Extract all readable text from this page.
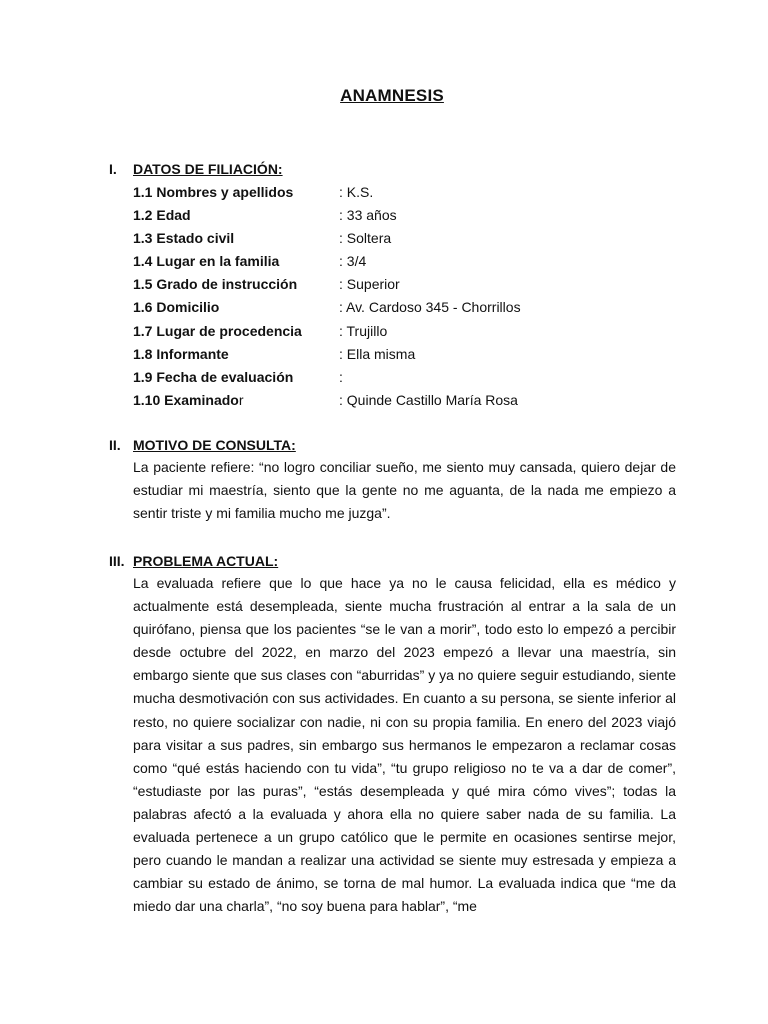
ANAMNESIS
I. DATOS DE FILIACIÓN:
1.1 Nombres y apellidos	: K.S.
1.2 Edad	: 33 años
1.3 Estado civil	: Soltera
1.4 Lugar en la familia	: 3/4
1.5 Grado de instrucción	: Superior
1.6 Domicilio	: Av. Cardoso 345 - Chorrillos
1.7 Lugar de procedencia	: Trujillo
1.8 Informante	: Ella misma
1.9 Fecha de evaluación	:
1.10 Examinador	: Quinde Castillo María Rosa
II. MOTIVO DE CONSULTA:

La paciente refiere: “no logro conciliar sueño, me siento muy cansada, quiero dejar de estudiar mi maestría, siento que la gente no me aguanta, de la nada me empiezo a sentir triste y mi familia mucho me juzga”.

III. PROBLEMA ACTUAL:

La evaluada refiere que lo que hace ya no le causa felicidad, ella es médico y actualmente está desempleada, siente mucha frustración al entrar a la sala de un quirófano, piensa que los pacientes “se le van a morir”, todo esto lo empezó a percibir desde octubre del 2022, en marzo del 2023 empezó a llevar una maestría, sin embargo siente que sus clases con “aburridas” y ya no quiere seguir estudiando, siente mucha desmotivación con sus actividades. En cuanto a su persona, se siente inferior al resto, no quiere socializar con nadie, ni con su propia familia. En enero del 2023 viajó para visitar a sus padres, sin embargo sus hermanos le empezaron a reclamar cosas como “qué estás haciendo con tu vida”, “tu grupo religioso no te va a dar de comer”, “estudiaste por las puras”, “estás desempleada y qué mira cómo vives”; todas la palabras afectó a la evaluada y ahora ella no quiere saber nada de su familia. La evaluada pertenece a un grupo católico que le permite en ocasiones sentirse mejor, pero cuando le mandan a realizar una actividad se siente muy estresada y empieza a cambiar su estado de ánimo, se torna de mal humor. La evaluada indica que “me da miedo dar una charla”, “no soy buena para hablar”, “me
